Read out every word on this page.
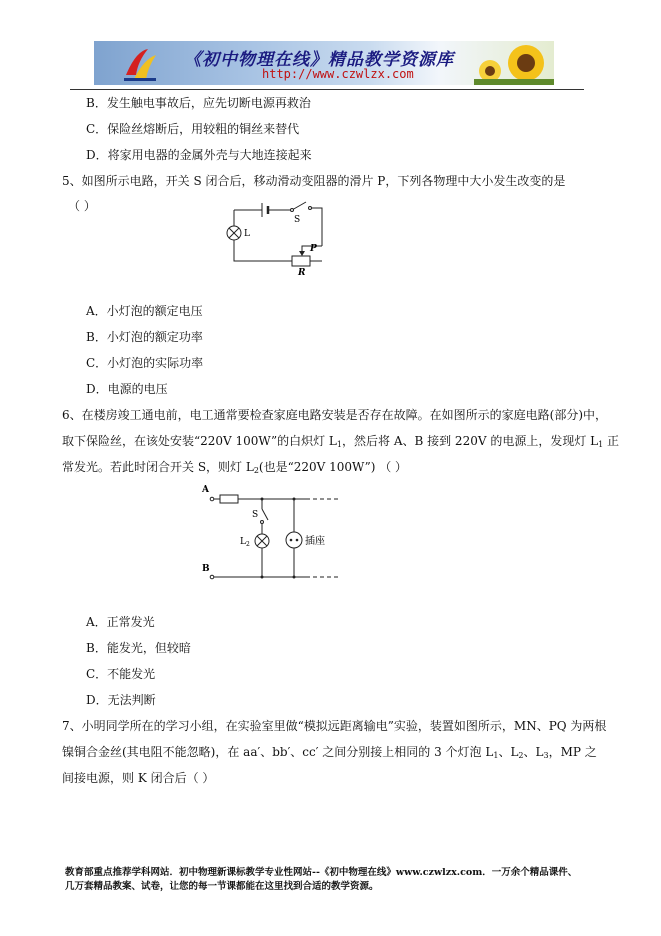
《初中物理在线》精品教学资源库
http://www.czwlzx.com
B．发生触电事故后，应先切断电源再救治
C．保险丝熔断后，用较粗的铜丝来替代
D．将家用电器的金属外壳与大地连接起来
5、如图所示电路，开关 S 闭合后，移动滑动变阻器的滑片 P，下列各物理中大小发生改变的是
（ ）
S
L
P
R
A．小灯泡的额定电压
B．小灯泡的额定功率
C．小灯泡的实际功率
D．电源的电压
6、在楼房竣工通电前，电工通常要检查家庭电路安装是否存在故障。在如图所示的家庭电路(部分)中，
取下保险丝，在该处安装“220V 100W”的白炽灯 $L_1$，然后将 A、B 接到 220V 的电源上，发现灯 $L_1$ 正
常发光。若此时闭合开关 S，则灯 $L_2$(也是“220V 100W”) （ ）
A
B
S
$L_2$	插座
A．正常发光
B．能发光，但较暗
C．不能发光
D．无法判断
7、小明同学所在的学习小组，在实验室里做“模拟远距离输电”实验，装置如图所示，MN、PQ 为两根
镍铜合金丝(其电阻不能忽略)，在 aa′、bb′、cc′ 之间分别接上相同的 3 个灯泡 $L_1$、$L_2$、$L_3$，MP 之
间接电源，则 K 闭合后（ ）
教育部重点推荐学科网站．初中物理新课标教学专业性网站--《初中物理在线》www.czwlzx.com．一万余个精品课件、
几万套精品教案、试卷，让您的每一节课都能在这里找到合适的教学资源。
